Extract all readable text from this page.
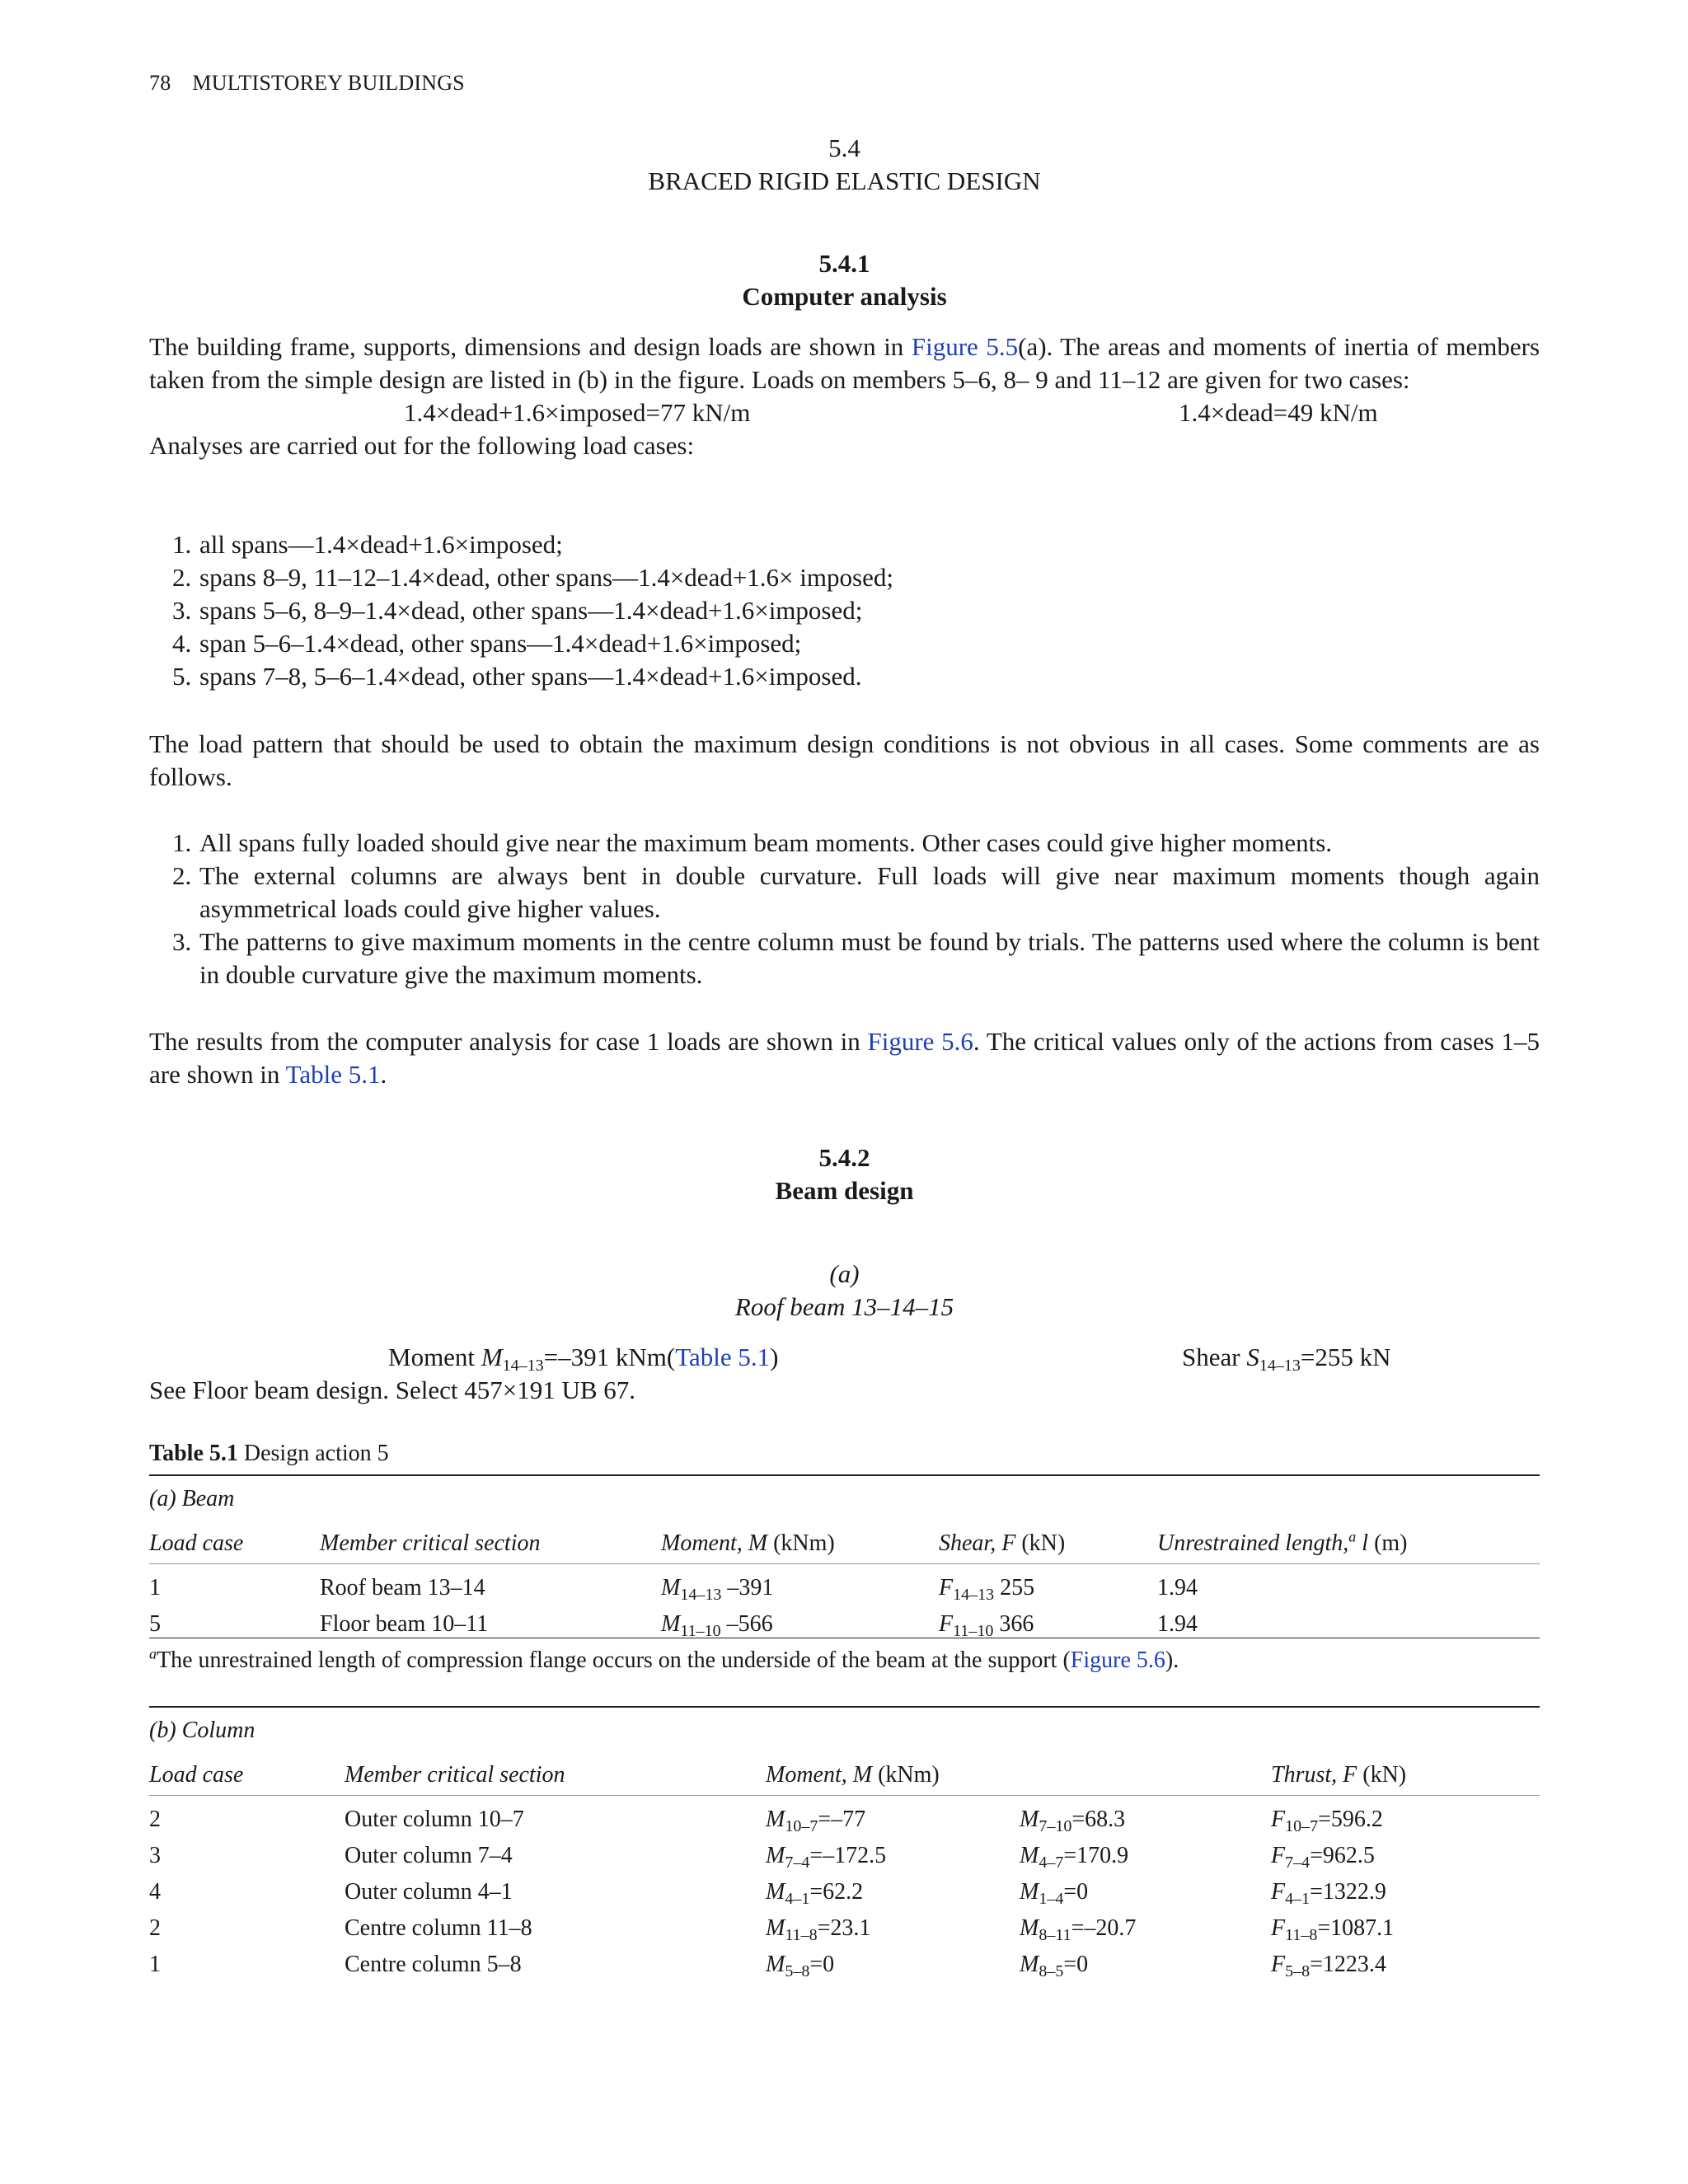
78 MULTISTOREY BUILDINGS
5.4
BRACED RIGID ELASTIC DESIGN
5.4.1
Computer analysis

The building frame, supports, dimensions and design loads are shown in Figure 5.5(a). The areas and moments of inertia of members taken from the simple design are listed in (b) in the figure. Loads on members 5–6, 8– 9 and 11–12 are given for two cases:

1.4×dead+1.6×imposed=77 kN/m	1.4×dead=49 kN/m

Analyses are carried out for the following load cases:

1. all spans—1.4×dead+1.6×imposed;
2. spans 8–9, 11–12–1.4×dead, other spans—1.4×dead+1.6× imposed;
3. spans 5–6, 8–9–1.4×dead, other spans—1.4×dead+1.6×imposed;
4. span 5–6–1.4×dead, other spans—1.4×dead+1.6×imposed;
5. spans 7–8, 5–6–1.4×dead, other spans—1.4×dead+1.6×imposed.

The load pattern that should be used to obtain the maximum design conditions is not obvious in all cases. Some comments are as follows.

1. All spans fully loaded should give near the maximum beam moments. Other cases could give higher moments.
2. The external columns are always bent in double curvature. Full loads will give near maximum moments though again asymmetrical loads could give higher values.
3. The patterns to give maximum moments in the centre column must be found by trials. The patterns used where the column is bent in double curvature give the maximum moments.

The results from the computer analysis for case 1 loads are shown in Figure 5.6. The critical values only of the actions from cases 1–5 are shown in Table 5.1.

5.4.2
Beam design
(a)
Roof beam 13–14–15
Moment $M_{14-13}=-391$ kNm(Table 5.1)	Shear $S_{14-13}=255$ kN

See Floor beam design. Select 457×191 UB 67.

Table 5.1 Design action 5
(a) Beam
Load case	Member critical section	Moment, M (kNm)	Shear, F (kN)	Unrestrained length,$^a$ l (m)
1	Roof beam 13–14	$M_{14-13}$ –391	$F_{14-13}$ 255	1.94
5	Floor beam 10–11	$M_{11-10}$ –566	$F_{11-10}$ 366	1.94
$^a$The unrestrained length of compression flange occurs on the underside of the beam at the support (Figure 5.6).
(b) Column
Load case	Member critical section	Moment, M (kNm)	Thrust, F (kN)
2	Outer column 10–7	$M_{10-7}=-77$	$M_{7-10}=68.3$	$F_{10-7}=596.2$
3	Outer column 7–4	$M_{7-4}=-172.5$	$M_{4-7}=170.9$	$F_{7-4}=962.5$
4	Outer column 4–1	$M_{4-1}=62.2$	$M_{1-4}=0$	$F_{4-1}=1322.9$
2	Centre column 11–8	$M_{11-8}=23.1$	$M_{8-11}=-20.7$	$F_{11-8}=1087.1$
1	Centre column 5–8	$M_{5-8}=0$	$M_{8-5}=0$	$F_{5-8}=1223.4$
